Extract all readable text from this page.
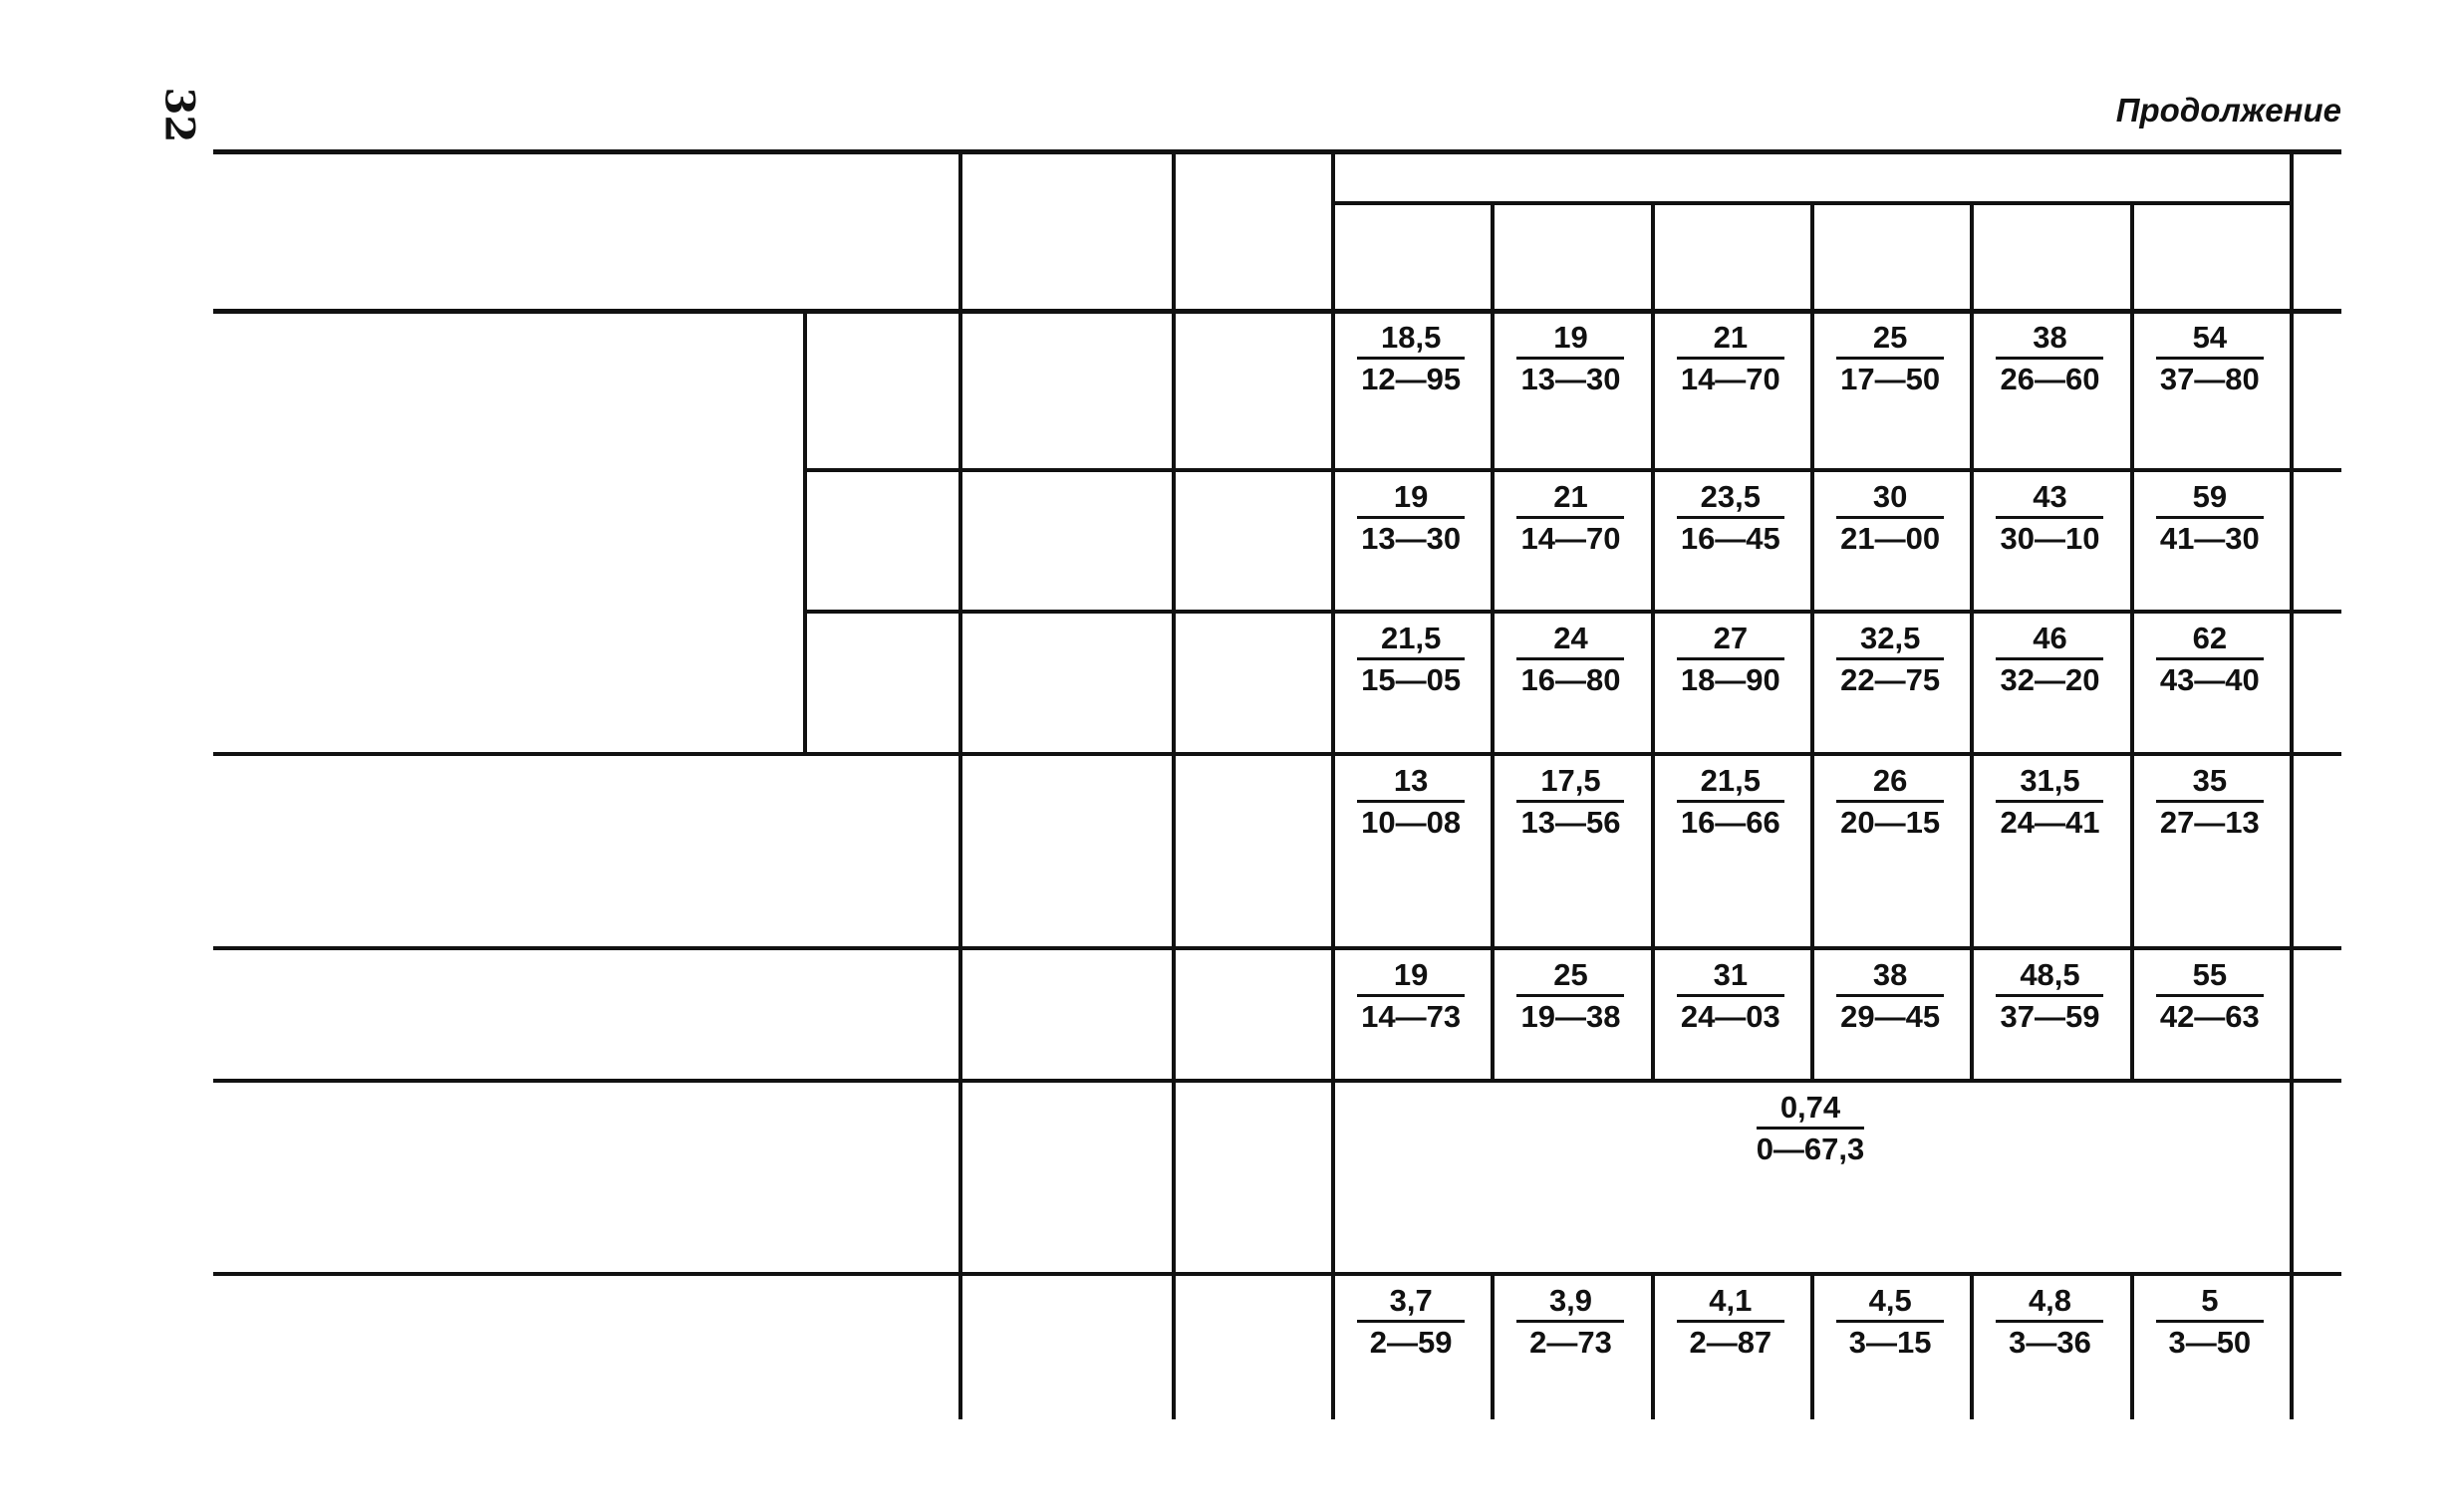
32	Продолжение
18,5
12—95
19
13—30
21
14—70
25
17—50
38
26—60
54
37—80
19
13—30
21
14—70
23,5
16—45
30
21—00
43
30—10
59
41—30
21,5
15—05
24
16—80
27
18—90
32,5
22—75
46
32—20
62
43—40
13
10—08
17,5
13—56
21,5
16—66
26
20—15
31,5
24—41
35
27—13
19
14—73
25
19—38
31
24—03
38
29—45
48,5
37—59
55
42—63
0,74
0—67,3
3,7
2—59
3,9
2—73
4,1
2—87
4,5
3—15
4,8
3—36
5
3—50
